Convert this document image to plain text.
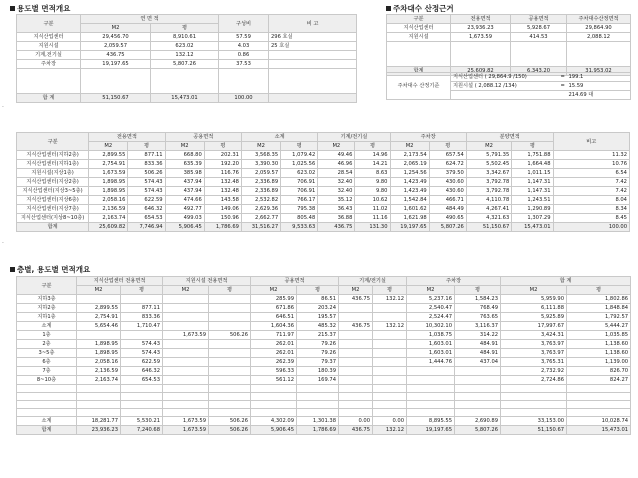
용도별 면적개요
구분	연 면 적		구성비	비 고
	M2	평		
지식산업센터	29,456.70	8,910.61	57.59	296 호실
지원시설	2,059.57	623.02	4.03	25 호실
기계,전기실	436.75	132.12	0.86	
주차장	19,197.65	5,807.26	37.53	

합 계	51,150.67	15,473.01	100.00	
주차대수 산정근거
구분	전용면적	공용면적	주차대수산정면적
지식산업센터	23,936.23	5,928.67	29,864.90
지원시설	1,673.59	414.53	2,088.12

합계	25,609.82	6,343.20	31,953.02
주차대수 산정기준	지식산업센터 ( 29,864.9 /150)	=	199.1
	지원시설 ( 2,088.12 /134)	=	15.59
			214.69 대
-
구분	전용면적		공용면적		소계		기계/전기실		주차장		분양면적		비고
	M2	평	M2	평	M2	평	M2	평	M2	평	M2	평	
지식산업센터(지하2층)	2,899.55	877.11	668.80	202.31	3,568.35	1,079.42	49.46	14.96	2,173.54	657.54	5,791.35	1,751.88	11.32
지식산업센터(지하1층)	2,754.91	833.36	635.39	192.20	3,390.30	1,025.56	46.96	14.21	2,065.19	624.72	5,502.45	1,664.48	10.76
지원시설(지상1층)	1,673.59	506.26	385.98	116.76	2,059.57	623.02	28.54	8.63	1,254.56	379.50	3,342.67	1,011.15	6.54
지식산업센터(지상2층)	1,898.95	574.43	437.94	132.48	2,336.89	706.91	32.40	9.80	1,423.49	430.60	3,792.78	1,147.31	7.42
지식산업센터(지상3~5층)	1,898.95	574.43	437.94	132.48	2,336.89	706.91	32.40	9.80	1,423.49	430.60	3,792.78	1,147.31	7.42
지식산업센터(지상6층)	2,058.16	622.59	474.66	143.58	2,532.82	766.17	35.12	10.62	1,542.84	466.71	4,110.78	1,243.51	8.04
지식산업센터(지상7층)	2,136.59	646.32	492.77	149.06	2,629.36	795.38	36.43	11.02	1,601.62	484.49	4,267.41	1,290.89	8.34
지식산업센터(지상8~10층)	2,163.74	654.53	499.03	150.96	2,662.77	805.48	36.88	11.16	1,621.98	490.65	4,321.63	1,307.29	8.45
합계	25,609.82	7,746.94	5,906.45	1,786.69	31,516.27	9,533.63	436.75	131.30	19,197.65	5,807.26	51,150.67	15,473.01	100.00
-
층별, 용도별 면적개요
구분	지식산업센터 전용면적		지원시설 전용면적		공용면적		기계/전기실		주차장		합 계	
	M2	평	M2	평	M2	평	M2	평	M2	평	M2	평
지하3층					285.99	86.51	436.75	132.12	5,237.16	1,584.23	5,959.90	1,802.86
지하2층	2,899.55	877.11			671.86	203.24			2,540.47	768.49	6,111.88	1,848.84
지하1층	2,754.91	833.36			646.51	195.57			2,524.47	763.65	5,925.89	1,792.57
소계	5,654.46	1,710.47			1,604.36	485.32	436.75	132.12	10,302.10	3,116.37	17,997.67	5,444.27
1층			1,673.59	506.26	711.97	215.37			1,038.75	314.22	3,424.31	1,035.85
2층	1,898.95	574.43			262.01	79.26			1,603.01	484.91	3,763.97	1,138.60
3~5층	1,898.95	574.43			262.01	79.26			1,603.01	484.91	3,763.97	1,138.60
6층	2,058.16	622.59			262.39	79.37			1,444.76	437.04	3,765.31	1,139.00
7층	2,136.59	646.32			596.33	180.39					2,732.92	826.70
8~10층	2,163.74	654.53			561.12	169.74					2,724.86	824.27

소계	18,281.77	5,530.21	1,673.59	506.26	4,302.09	1,301.38	0.00	0.00	8,895.55	2,690.89	33,153.00	10,028.74
합계	23,936.23	7,240.68	1,673.59	506.26	5,906.45	1,786.69	436.75	132.12	19,197.65	5,807.26	51,150.67	15,473.01
